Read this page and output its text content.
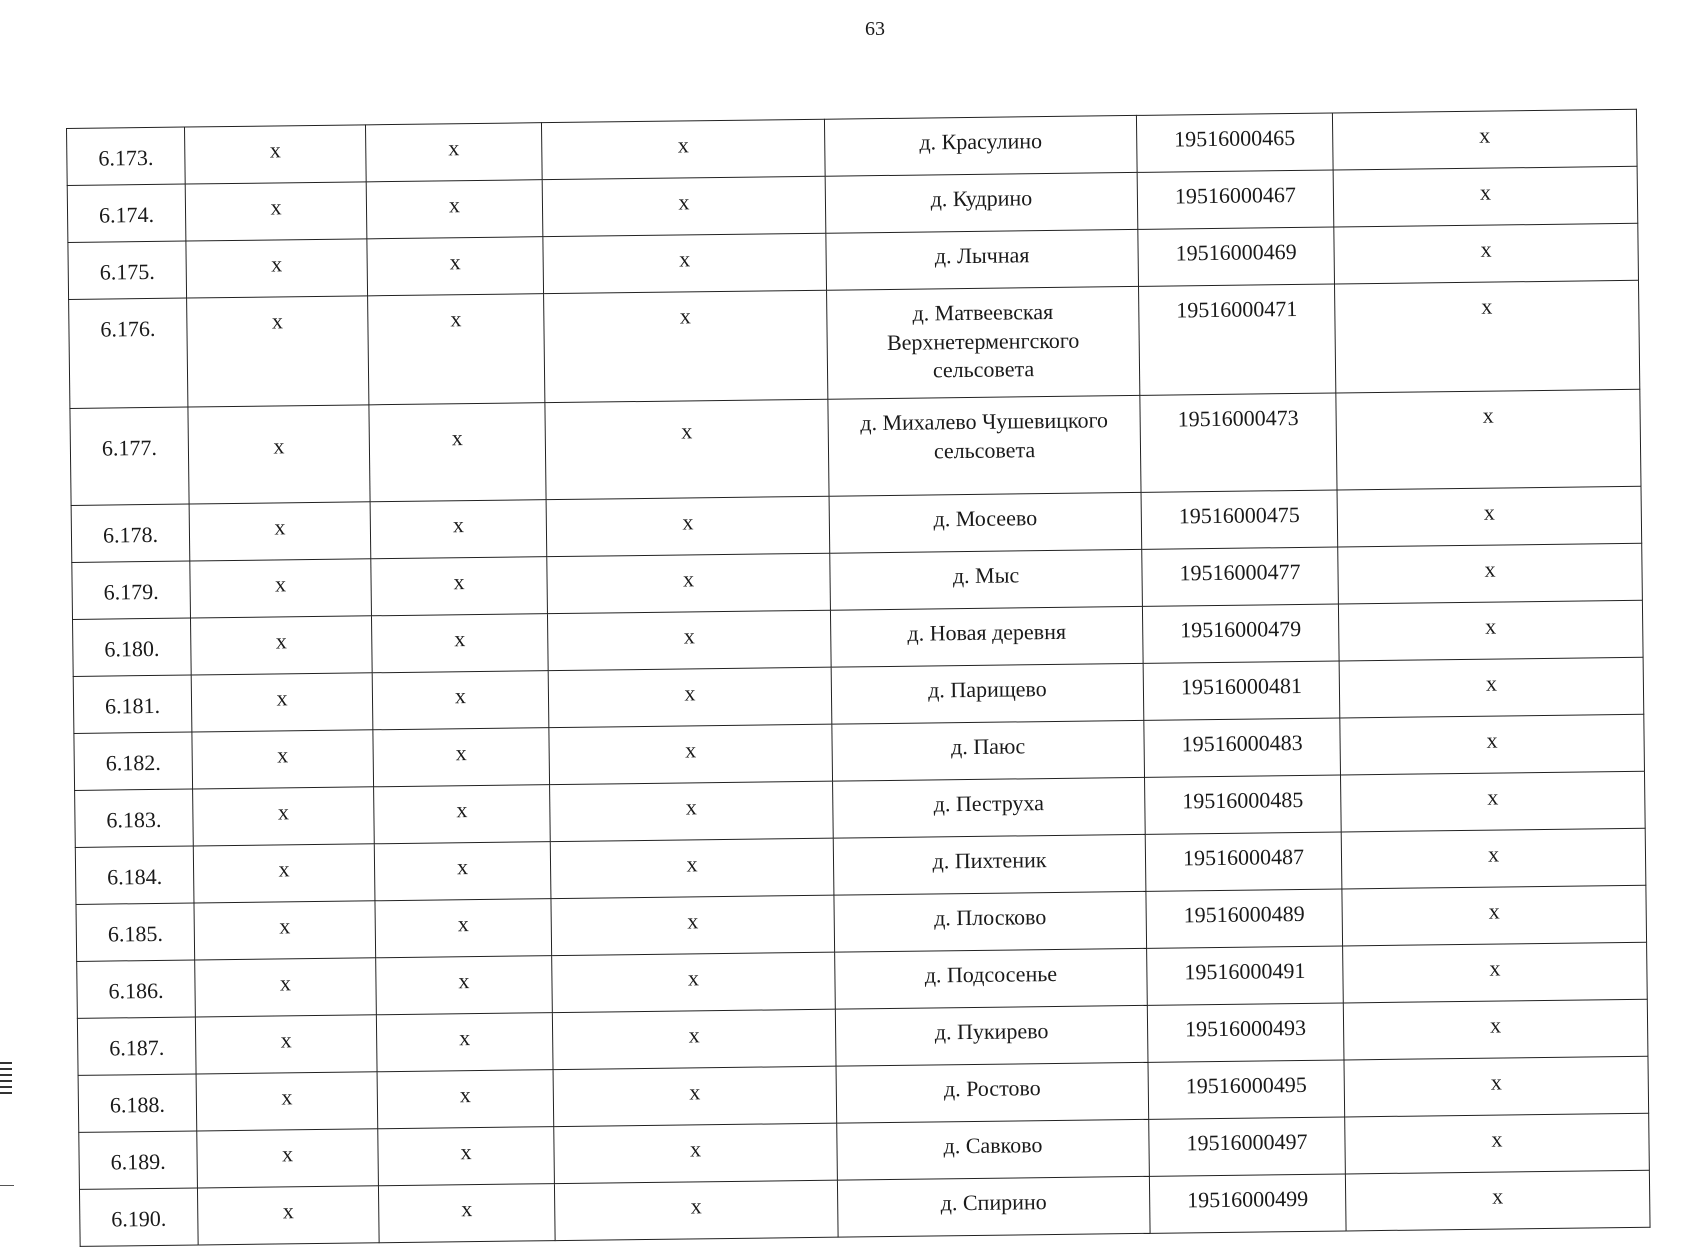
63
6.173.	х	х	х	д. Красулино	19516000465	х
6.174.	х	х	х	д. Кудрино	19516000467	х
6.175.	х	х	х	д. Лычная	19516000469	х
6.176.	х	х	х	д. Матвеевская Верхнетерменгского сельсовета	19516000471	х
6.177.	х	х	х	д. Михалево Чушевицкого сельсовета	19516000473	х
6.178.	х	х	х	д. Мосеево	19516000475	х
6.179.	х	х	х	д. Мыс	19516000477	х
6.180.	х	х	х	д. Новая деревня	19516000479	х
6.181.	х	х	х	д. Парищево	19516000481	х
6.182.	х	х	х	д. Паюс	19516000483	х
6.183.	х	х	х	д. Пеструха	19516000485	х
6.184.	х	х	х	д. Пихтеник	19516000487	х
6.185.	х	х	х	д. Плосково	19516000489	х
6.186.	х	х	х	д. Подсосенье	19516000491	х
6.187.	х	х	х	д. Пукирево	19516000493	х
6.188.	х	х	х	д. Ростово	19516000495	х
6.189.	х	х	х	д. Савково	19516000497	х
6.190.	х	х	х	д. Спирино	19516000499	х
